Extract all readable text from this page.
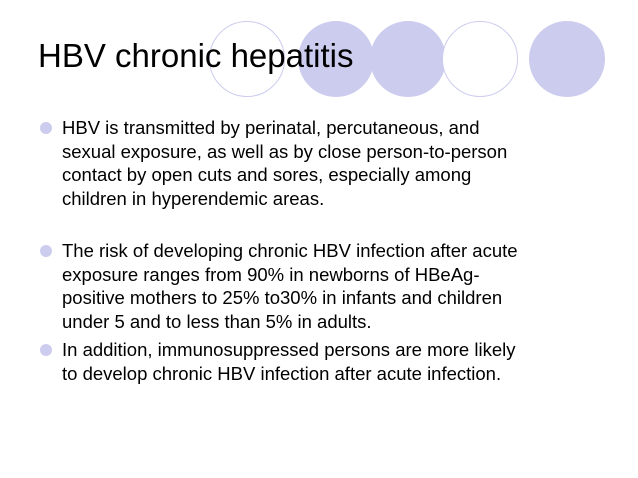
HBV chronic hepatitis
HBV is transmitted by perinatal, percutaneous, and
sexual exposure, as well as by close person-to-person
contact by open cuts and sores, especially among
children in hyperendemic areas.
The risk of developing chronic HBV infection after acute
exposure ranges from 90% in newborns of HBeAg-
positive mothers to 25% to30% in infants and children
under 5 and to less than 5% in adults.
In addition, immunosuppressed persons are more likely
to develop chronic HBV infection after acute infection.
